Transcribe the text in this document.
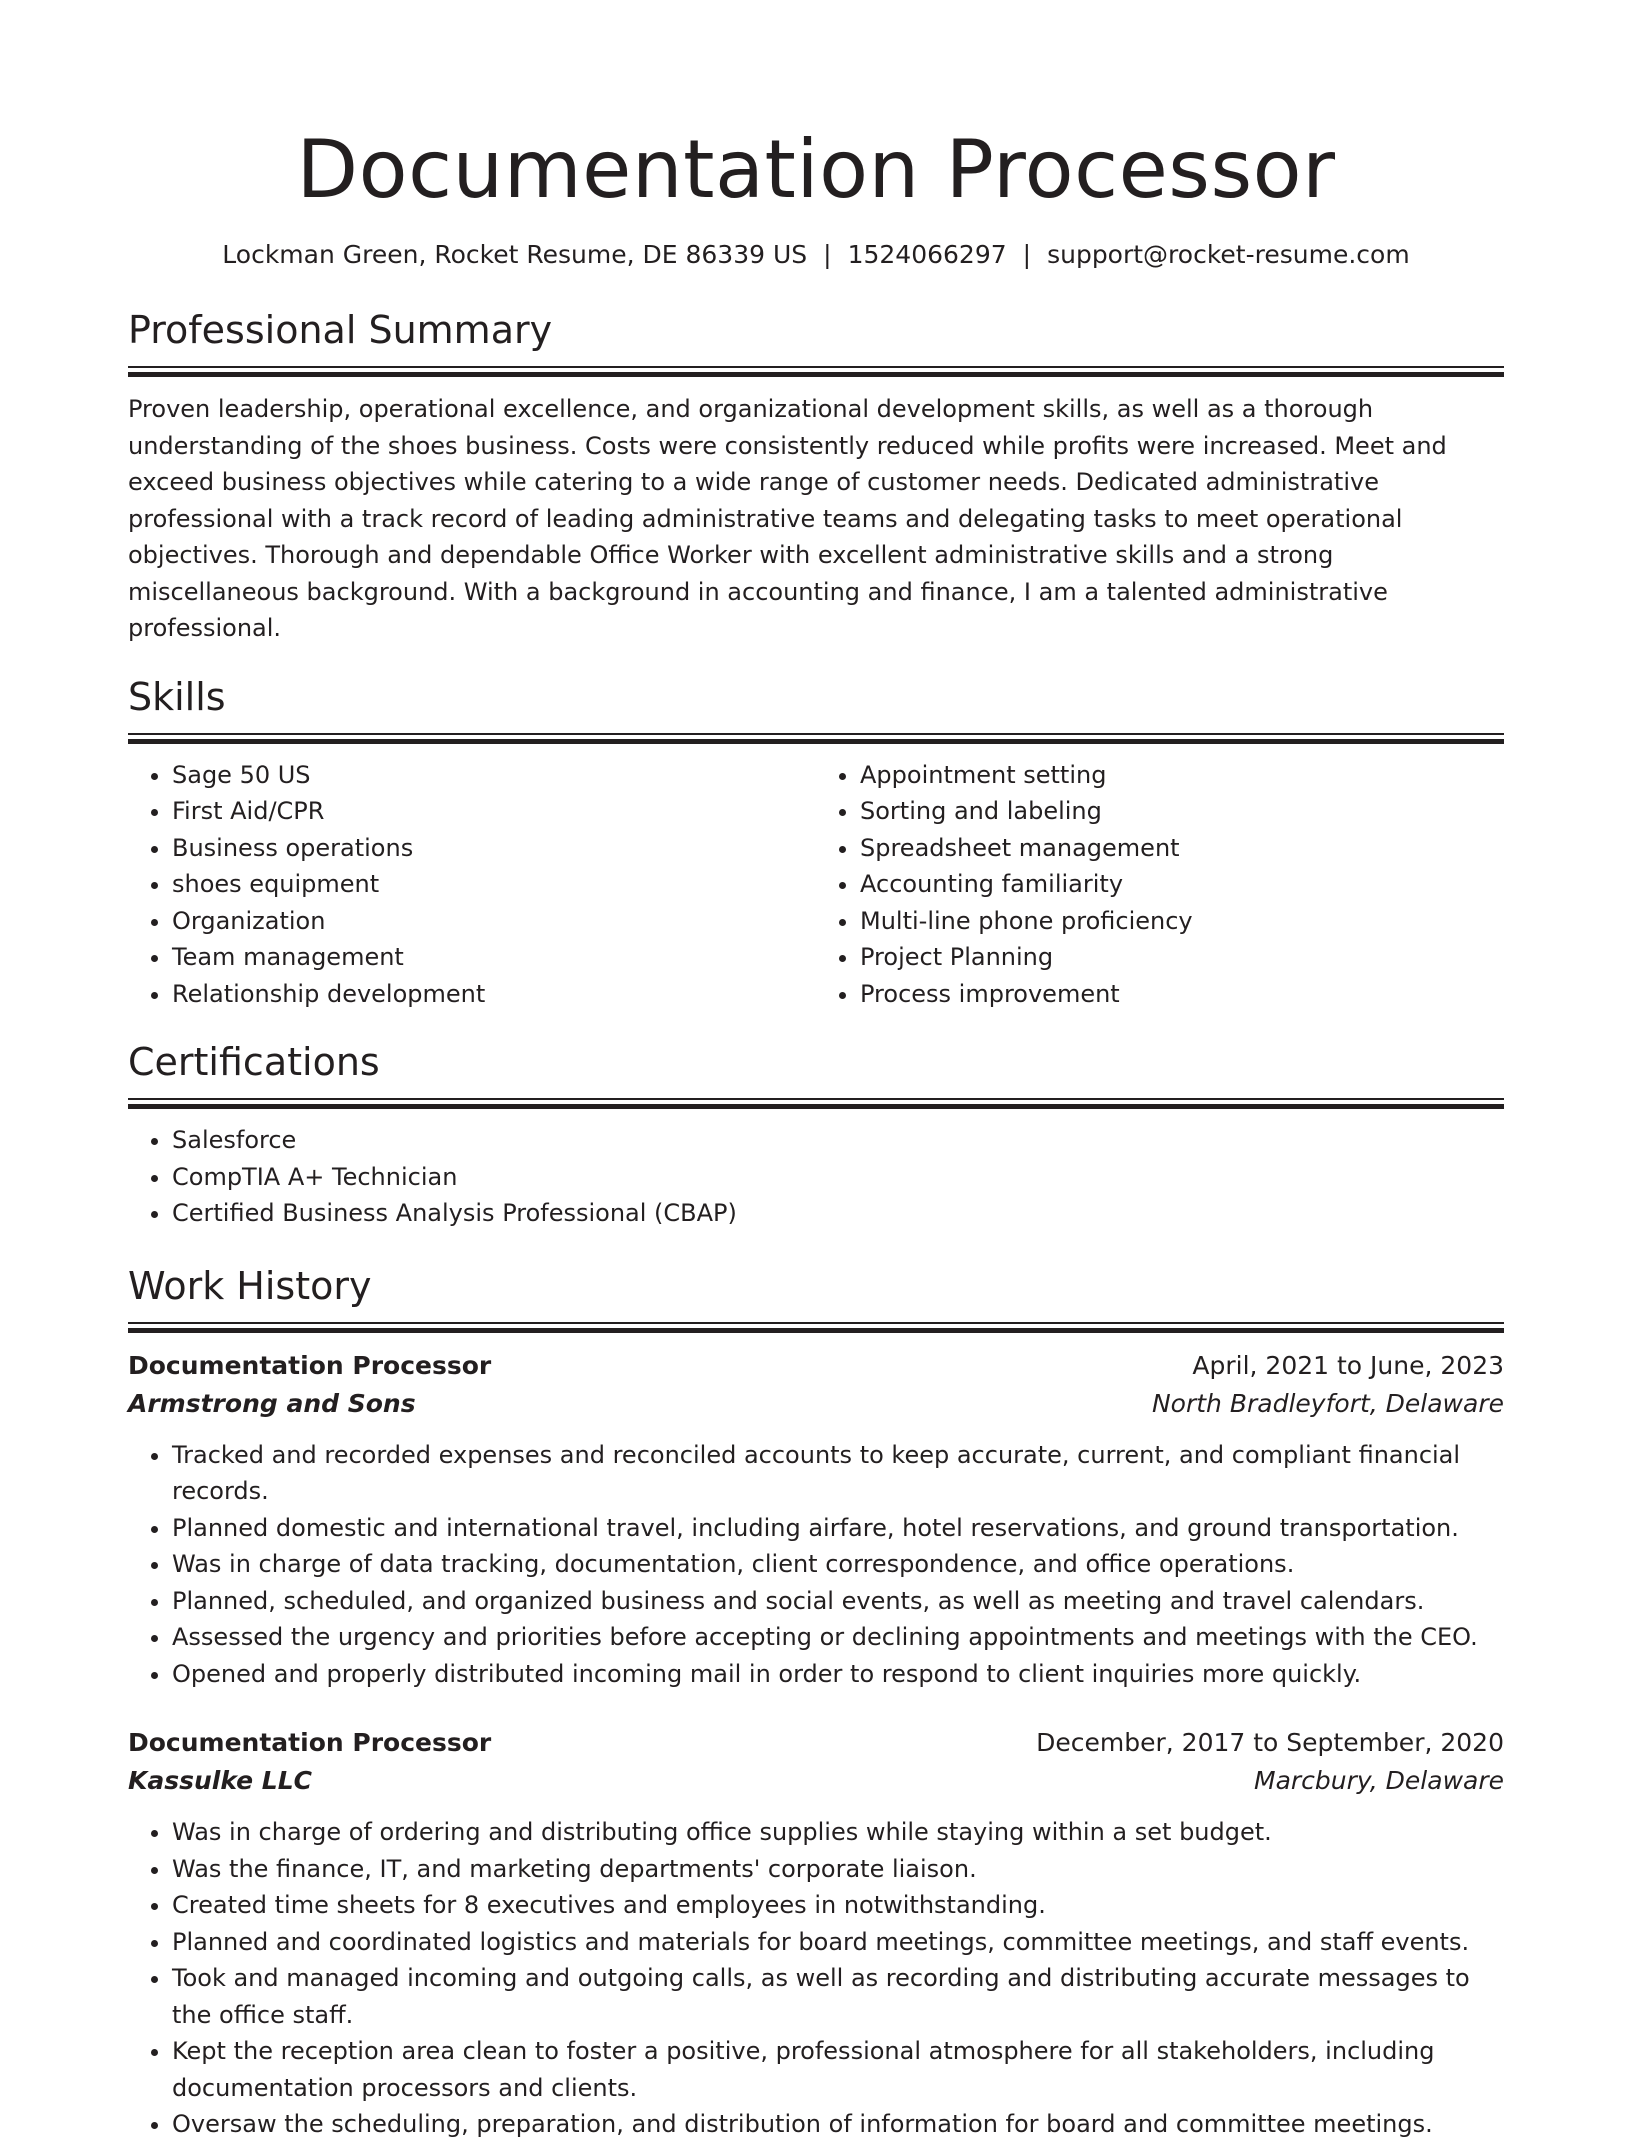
Documentation Processor
Lockman Green, Rocket Resume, DE 86339 US | 1524066297 | support@rocket-resume.com
Professional Summary

Proven leadership, operational excellence, and organizational development skills, as well as a thorough understanding of the shoes business. Costs were consistently reduced while profits were increased. Meet and exceed business objectives while catering to a wide range of customer needs. Dedicated administrative professional with a track record of leading administrative teams and delegating tasks to meet operational objectives. Thorough and dependable Office Worker with excellent administrative skills and a strong miscellaneous background. With a background in accounting and finance, I am a talented administrative professional.

Skills
• Sage 50 US
• First Aid/CPR
• Business operations
• shoes equipment
• Organization
• Team management
• Relationship development
• Appointment setting
• Sorting and labeling
• Spreadsheet management
• Accounting familiarity
• Multi-line phone proficiency
• Project Planning
• Process improvement
Certifications
• Salesforce
• CompTIA A+ Technician
• Certified Business Analysis Professional (CBAP)
Work History
Documentation Processor	April, 2021 to June, 2023
Armstrong and Sons	North Bradleyfort, Delaware
• Tracked and recorded expenses and reconciled accounts to keep accurate, current, and compliant financial records.
• Planned domestic and international travel, including airfare, hotel reservations, and ground transportation.
• Was in charge of data tracking, documentation, client correspondence, and office operations.
• Planned, scheduled, and organized business and social events, as well as meeting and travel calendars.
• Assessed the urgency and priorities before accepting or declining appointments and meetings with the CEO.
• Opened and properly distributed incoming mail in order to respond to client inquiries more quickly.
Documentation Processor	December, 2017 to September, 2020
Kassulke LLC	Marcbury, Delaware
• Was in charge of ordering and distributing office supplies while staying within a set budget.
• Was the finance, IT, and marketing departments' corporate liaison.
• Created time sheets for 8 executives and employees in notwithstanding.
• Planned and coordinated logistics and materials for board meetings, committee meetings, and staff events.
• Took and managed incoming and outgoing calls, as well as recording and distributing accurate messages to the office staff.
• Kept the reception area clean to foster a positive, professional atmosphere for all stakeholders, including documentation processors and clients.
• Oversaw the scheduling, preparation, and distribution of information for board and committee meetings.
